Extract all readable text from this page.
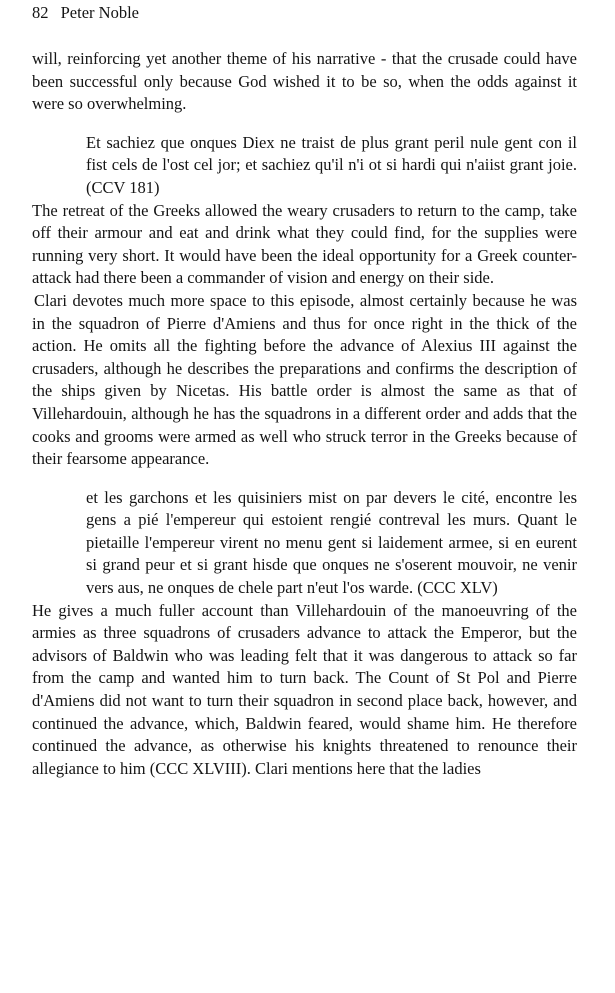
82 Peter Noble

will, reinforcing yet another theme of his narrative - that the crusade could have been successful only because God wished it to be so, when the odds against it were so overwhelming.

Et sachiez que onques Diex ne traist de plus grant peril nule gent con il fist cels de l'ost cel jor; et sachiez qu'il n'i ot si hardi qui n'aiist grant joie. (CCV 181)

The retreat of the Greeks allowed the weary crusaders to return to the camp, take off their armour and eat and drink what they could find, for the supplies were running very short. It would have been the ideal opportunity for a Greek counter-attack had there been a commander of vision and energy on their side.

Clari devotes much more space to this episode, almost certainly because he was in the squadron of Pierre d'Amiens and thus for once right in the thick of the action. He omits all the fighting before the advance of Alexius III against the crusaders, although he describes the preparations and confirms the description of the ships given by Nicetas. His battle order is almost the same as that of Villehardouin, although he has the squadrons in a different order and adds that the cooks and grooms were armed as well who struck terror in the Greeks because of their fearsome appearance.

et les garchons et les quisiniers mist on par devers le cité, encontre les gens a pié l'empereur qui estoient rengié contreval les murs. Quant le pietaille l'empereur virent no menu gent si laidement armee, si en eurent si grand peur et si grant hisde que onques ne s'oserent mouvoir, ne venir vers aus, ne onques de chele part n'eut l'os warde. (CCC XLV)

He gives a much fuller account than Villehardouin of the manoeuvring of the armies as three squadrons of crusaders advance to attack the Emperor, but the advisors of Baldwin who was leading felt that it was dangerous to attack so far from the camp and wanted him to turn back. The Count of St Pol and Pierre d'Amiens did not want to turn their squadron in second place back, however, and continued the advance, which, Baldwin feared, would shame him. He therefore continued the advance, as otherwise his knights threatened to renounce their allegiance to him (CCC XLVIII). Clari mentions here that the ladies
